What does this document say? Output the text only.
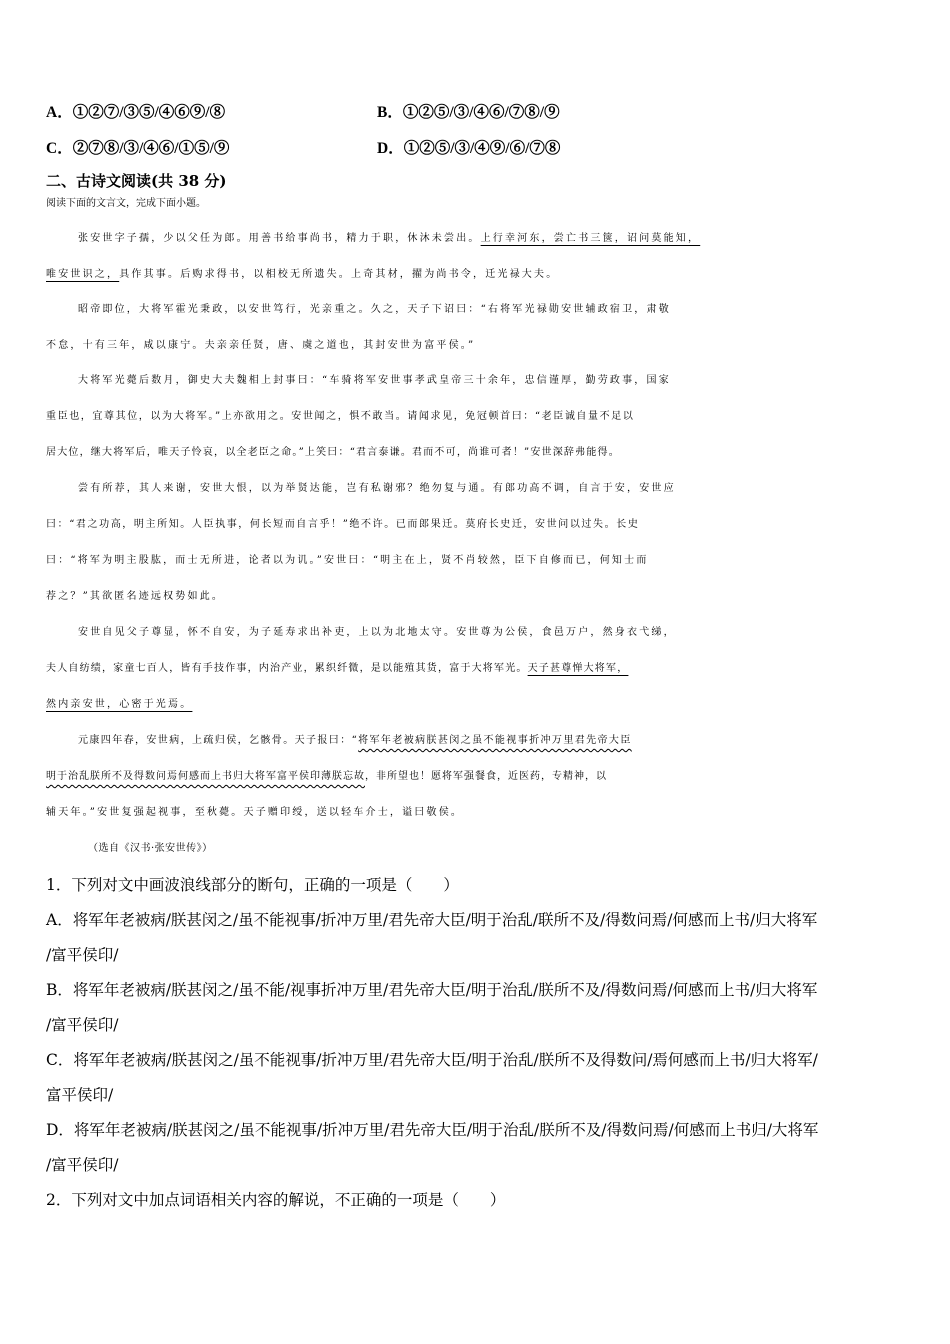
A．①②⑦/③⑤/④⑥⑨/⑧	B．①②⑤/③/④⑥/⑦⑧/⑨
C．②⑦⑧/③/④⑥/①⑤/⑨	D．①②⑤/③/④⑨/⑥/⑦⑧
二、古诗文阅读(共 38 分)
阅读下面的文言文，完成下面小题。
张安世字子孺，少以父任为郎。用善书给事尚书，精力于职，休沐未尝出。上行幸河东，尝亡书三箧，诏问莫能知，
唯安世识之，具作其事。后购求得书，以相校无所遗失。上奇其材，擢为尚书令，迁光禄大夫。
昭帝即位，大将军霍光秉政，以安世笃行，光亲重之。久之，天子下诏曰：“右将军光禄勋安世辅政宿卫，肃敬
不怠，十有三年，咸以康宁。夫亲亲任贤，唐、虞之道也，其封安世为富平侯。”
大将军光薨后数月，御史大夫魏相上封事曰：“车骑将军安世事孝武皇帝三十余年，忠信谨厚，勤劳政事，国家
重臣也，宜尊其位，以为大将军。”上亦欲用之。安世闻之，惧不敢当。请闻求见，免冠顿首曰：“老臣诚自量不足以
居大位，继大将军后，唯天子怜哀，以全老臣之命。”上笑曰：“君言泰谦。君而不可，尚谁可者！”安世深辞弗能得。
尝有所荐，其人来谢，安世大恨，以为举贤达能，岂有私谢邪？绝勿复与通。有郎功高不调，自言于安，安世应
曰：“君之功高，明主所知。人臣执事，何长短而自言乎！”绝不许。已而郎果迁。莫府长史迁，安世问以过失。长史
曰：“将军为明主股肱，而士无所进，论者以为讥。”安世曰：“明主在上，贤不肖较然，臣下自修而已，何知士而
荐之？”其欲匿名迹远权势如此。
安世自见父子尊显，怀不自安，为子延寿求出补吏，上以为北地太守。安世尊为公侯，食邑万户，然身衣弋绨，
夫人自纺绩，家童七百人，皆有手技作事，内治产业，累织纤微，是以能殖其货，富于大将军光。天子甚尊惮大将军，
然内亲安世，心密于光焉。
元康四年春，安世病，上疏归侯，乞骸骨。天子报曰：“将军年老被病朕甚闵之虽不能视事折冲万里君先帝大臣
明于治乱朕所不及得数问焉何感而上书归大将军富平侯印薄朕忘故，非所望也！愿将军强餐食，近医药，专精神，以
辅天年。”安世复强起视事，至秋薨。天子赠印绶，送以轻车介士，谥曰敬侯。
（选自《汉书·张安世传》）
1．下列对文中画波浪线部分的断句，正确的一项是（　　）
A．将军年老被病/朕甚闵之/虽不能视事/折冲万里/君先帝大臣/明于治乱/联所不及/得数问焉/何感而上书/归大将军
/富平侯印/
B．将军年老被病/朕甚闵之/虽不能/视事折冲万里/君先帝大臣/明于治乱/朕所不及/得数问焉/何感而上书/归大将军
/富平侯印/
C．将军年老被病/朕甚闵之/虽不能视事/折冲万里/君先帝大臣/明于治乱/朕所不及得数问/焉何感而上书/归大将军/
富平侯印/
D．将军年老被病/朕甚闵之/虽不能视事/折冲万里/君先帝大臣/明于治乱/朕所不及/得数问焉/何感而上书归/大将军
/富平侯印/
2．下列对文中加点词语相关内容的解说，不正确的一项是（　　）
